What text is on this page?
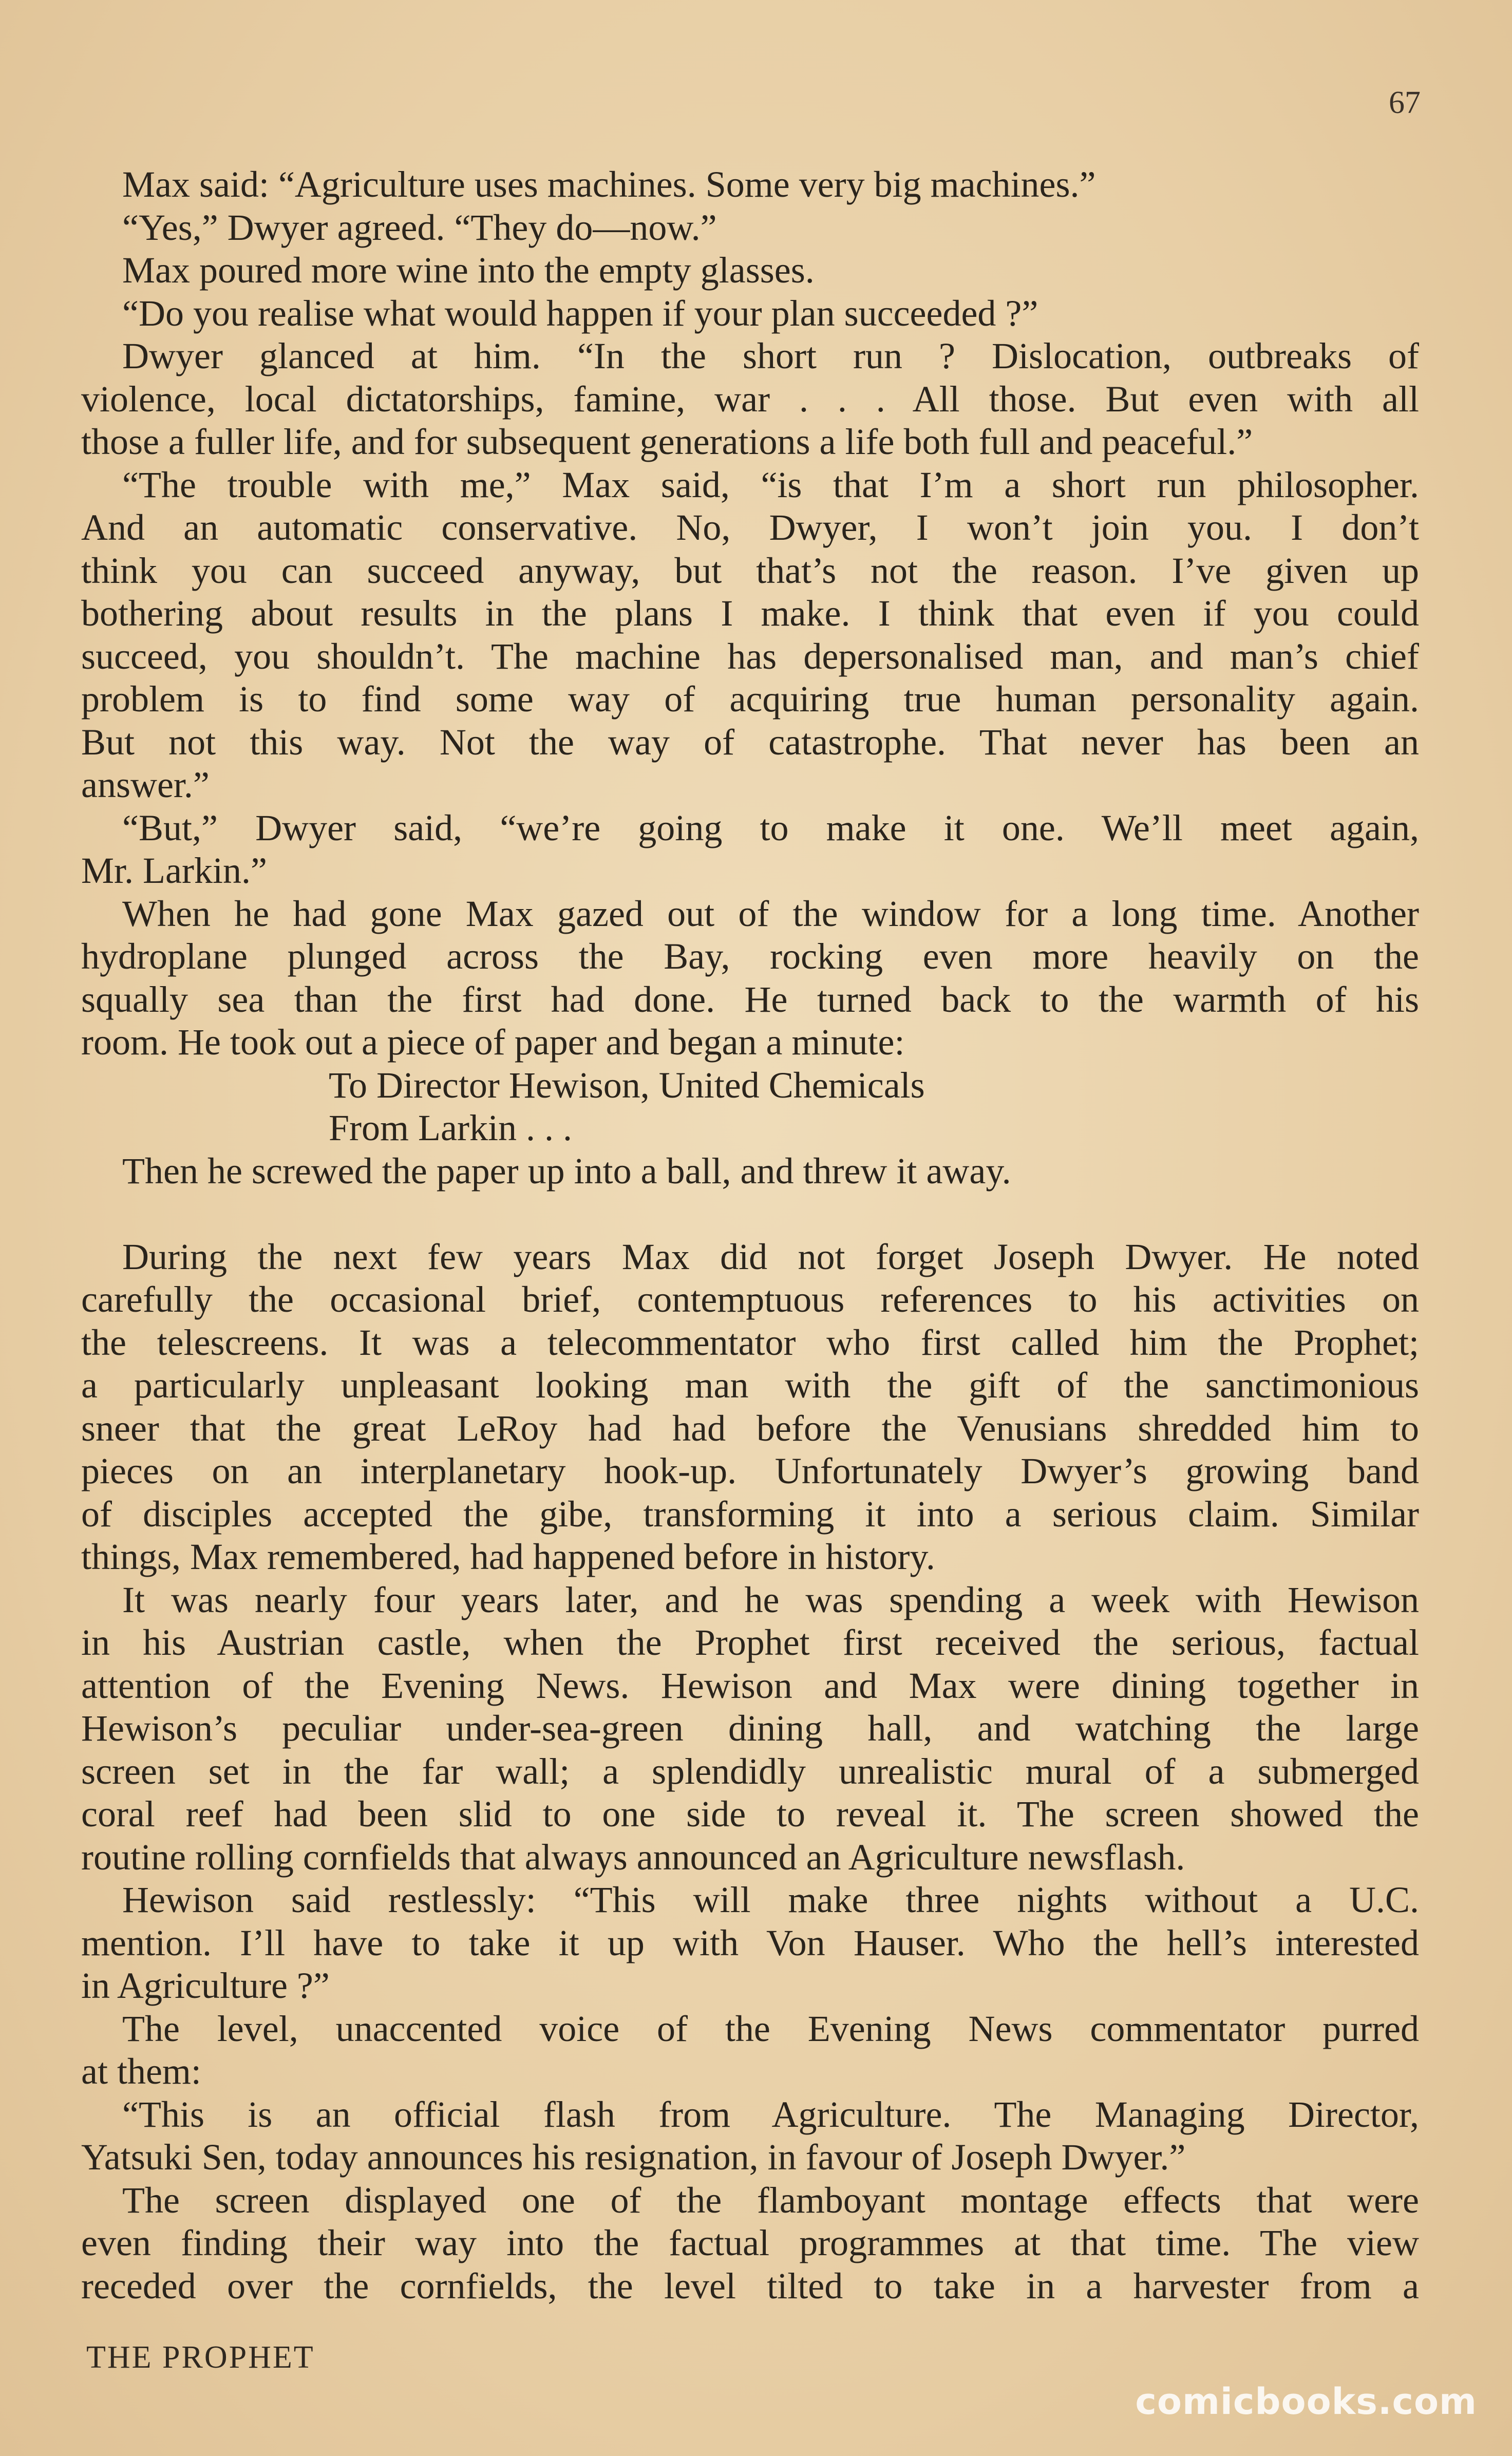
67
Max said: “Agriculture uses machines. Some very big machines.”
“Yes,” Dwyer agreed. “They do—now.”
Max poured more wine into the empty glasses.
“Do you realise what would happen if your plan succeeded ?”
Dwyer glanced at him. “In the short run ? Dislocation, outbreaks of
violence, local dictatorships, famine, war . . . All those. But even with all
those a fuller life, and for subsequent generations a life both full and peaceful.”
“The trouble with me,” Max said, “is that I’m a short run philosopher.
And an automatic conservative. No, Dwyer, I won’t join you. I don’t
think you can succeed anyway, but that’s not the reason. I’ve given up
bothering about results in the plans I make. I think that even if you could
succeed, you shouldn’t. The machine has depersonalised man, and man’s chief
problem is to find some way of acquiring true human personality again.
But not this way. Not the way of catastrophe. That never has been an
answer.”
“But,” Dwyer said, “we’re going to make it one. We’ll meet again,
Mr. Larkin.”
When he had gone Max gazed out of the window for a long time. Another
hydroplane plunged across the Bay, rocking even more heavily on the
squally sea than the first had done. He turned back to the warmth of his
room. He took out a piece of paper and began a minute:
To Director Hewison, United Chemicals
From Larkin . . .
Then he screwed the paper up into a ball, and threw it away.
During the next few years Max did not forget Joseph Dwyer. He noted
carefully the occasional brief, contemptuous references to his activities on
the telescreens. It was a telecommentator who first called him the Prophet;
a particularly unpleasant looking man with the gift of the sanctimonious
sneer that the great LeRoy had had before the Venusians shredded him to
pieces on an interplanetary hook-up. Unfortunately Dwyer’s growing band
of disciples accepted the gibe, transforming it into a serious claim. Similar
things, Max remembered, had happened before in history.
It was nearly four years later, and he was spending a week with Hewison
in his Austrian castle, when the Prophet first received the serious, factual
attention of the Evening News. Hewison and Max were dining together in
Hewison’s peculiar under-sea-green dining hall, and watching the large
screen set in the far wall; a splendidly unrealistic mural of a submerged
coral reef had been slid to one side to reveal it. The screen showed the
routine rolling cornfields that always announced an Agriculture newsflash.
Hewison said restlessly: “This will make three nights without a U.C.
mention. I’ll have to take it up with Von Hauser. Who the hell’s interested
in Agriculture ?”
The level, unaccented voice of the Evening News commentator purred
at them:
“This is an official flash from Agriculture. The Managing Director,
Yatsuki Sen, today announces his resignation, in favour of Joseph Dwyer.”
The screen displayed one of the flamboyant montage effects that were
even finding their way into the factual programmes at that time. The view
receded over the cornfields, the level tilted to take in a harvester from a
THE PROPHET
comicbooks.com
